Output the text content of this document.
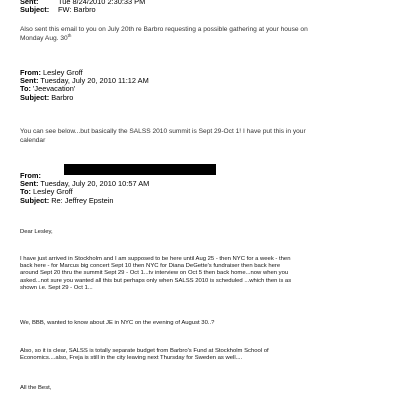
Sent:	Tue 8/24/2010 2:30:33 PM
Subject: FW: Barbro
Also sent this email to you on July 20th re Barbro requesting a possible gathering at your house on
Monday Aug. 30th
From: Lesley Groff
Sent: Tuesday, July 20, 2010 11:12 AM
To: 'Jeevacation'
Subject: Barbro
You can see below...but basically the SALSS 2010 summit is Sept 29-Oct 1! I have put this in your
calendar
From:
Sent: Tuesday, July 20, 2010 10:57 AM
To: Lesley Groff
Subject: Re: Jeffrey Epstein
Dear Lesley,
I have just arrived in Stockholm and I am supposed to be here until Aug 25 - then NYC for a week - then
back here - for Marcus big concert Sept 10 then NYC for Diana DeGette's fundraiser then back here
around Sept 20 thru the summit Sept 29 - Oct 1...tv interview on Oct 5 then back home...now when you
asked...not sure you wanted all this but perhaps only when SALSS 2010 is scheduled ...which then is as
shown i.e. Sept 29 - Oct 1...
We, BBB, wanted to know about JE in NYC on the evening of August 30..?
Also, so it is clear, SALSS is totally separate budget from Barbro's Fund at Stockholm School of
Economics....also, Freja is still in the city leaving next Thursday for Sweden as well....
All the Best,
